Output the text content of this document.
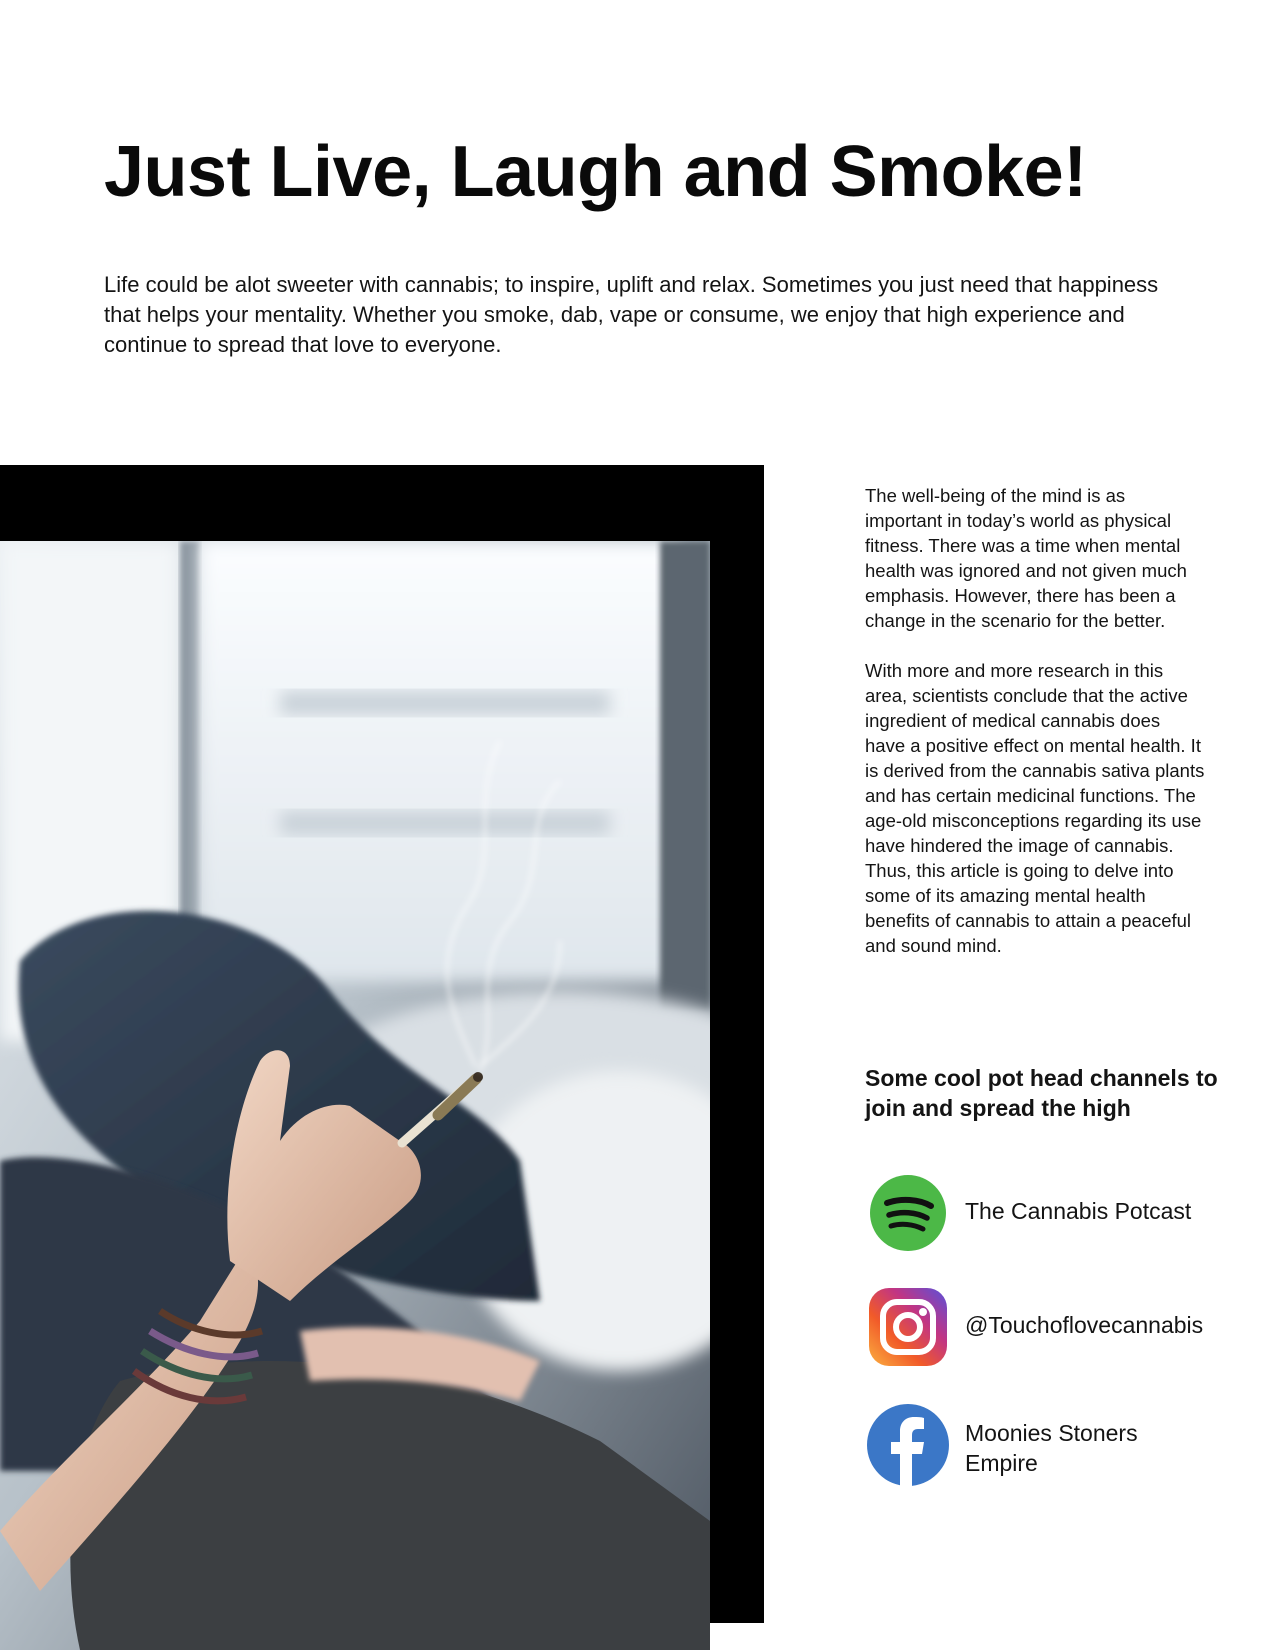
Just Live, Laugh and Smoke!

Life could be alot sweeter with cannabis; to inspire, uplift and relax. Sometimes you just need that happiness that helps your mentality. Whether you smoke, dab, vape or consume, we enjoy that high experience and continue to spread that love to everyone.

The well-being of the mind is as important in today’s world as physical fitness. There was a time when mental health was ignored and not given much emphasis. However, there has been a change in the scenario for the better.

With more and more research in this area, scientists conclude that the active ingredient of medical cannabis does have a positive effect on mental health. It is derived from the cannabis sativa plants and has certain medicinal functions. The age-old misconceptions regarding its use have hindered the image of cannabis. Thus, this article is going to delve into some of its amazing mental health benefits of cannabis to attain a peaceful and sound mind.

Some cool pot head channels to join and spread the high
The Cannabis Potcast
@Touchoflovecannabis
Moonies Stoners Empire
